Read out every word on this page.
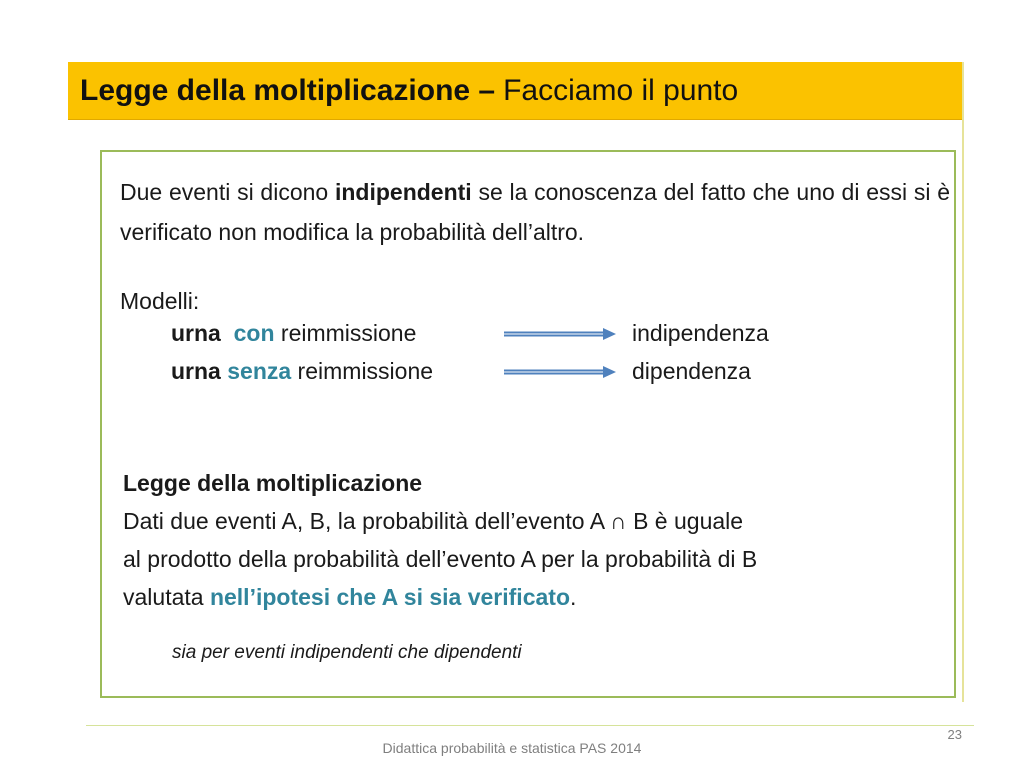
Legge della moltiplicazione – Facciamo il punto
Due eventi si dicono indipendenti se la conoscenza del fatto che uno di essi si è verificato non modifica la probabilità dell’altro.
Modelli:
urna con reimmissione	indipendenza
urna senza reimmissione	dipendenza
Legge della moltiplicazione
Dati due eventi A, B, la probabilità dell’evento A ∩ B è uguale
al prodotto della probabilità dell’evento A per la probabilità di B
valutata nell’ipotesi che A si sia verificato.
sia per eventi indipendenti che dipendenti
23
Didattica probabilità e statistica PAS 2014
